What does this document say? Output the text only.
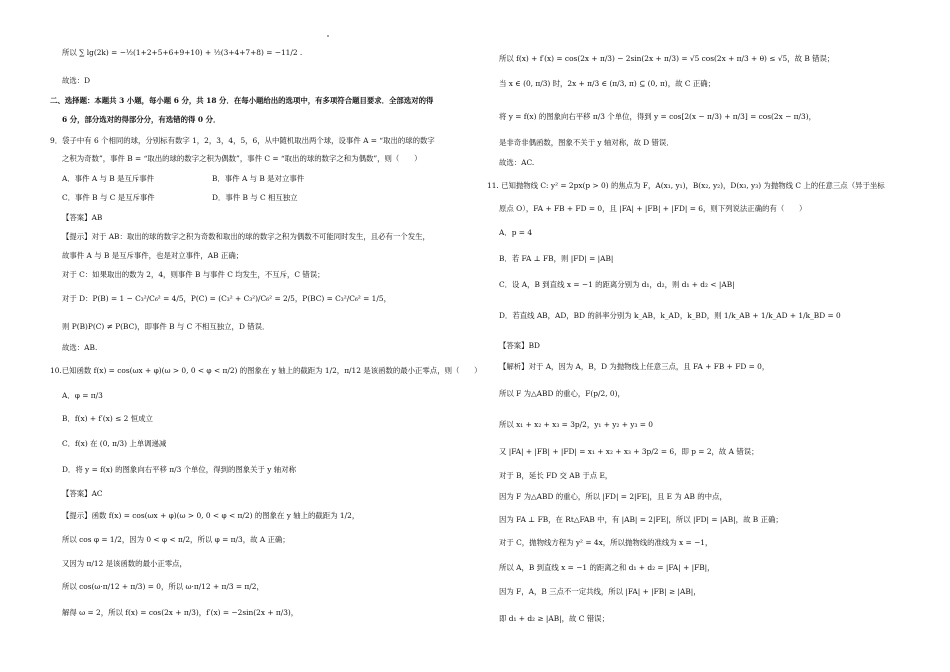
所以 ∑ lg(2k) = −½(1+2+5+6+9+10) + ½(3+4+7+8) = −11/2 .
故选：D
二、选择题：本题共 3 小题，每小题 6 分，共 18 分．在每小题给出的选项中，有多项符合题目要求．全部选对的得
6 分，部分选对的得部分分，有选错的得 0 分．
9．袋子中有 6 个相同的球，分别标有数字 1，2，3，4，5，6，从中随机取出两个球，设事件 A = “取出的球的数字
之积为奇数”，事件 B = “取出的球的数字之积为偶数”，事件 C = “取出的球的数字之和为偶数”，则（　　）
A．事件 A 与 B 是互斥事件	B．事件 A 与 B 是对立事件
C．事件 B 与 C 是互斥事件	D．事件 B 与 C 相互独立
【答案】AB
【提示】对于 AB：取出的球的数字之积为奇数和取出的球的数字之积为偶数不可能同时发生，且必有一个发生，
故事件 A 与 B 是互斥事件，也是对立事件，AB 正确；
对于 C：如果取出的数为 2，4，则事件 B 与事件 C 均发生，不互斥，C 错误；
对于 D：P(B) = 1 − C₃²/C₆² = 4/5，P(C) = (C₃² + C₃²)/C₆² = 2/5，P(BC) = C₃²/C₆² = 1/5，
则 P(B)P(C) ≠ P(BC)，即事件 B 与 C 不相互独立，D 错误．
故选：AB.
10.已知函数 f(x) = cos(ωx + φ)(ω > 0, 0 < φ < π/2) 的图象在 y 轴上的截距为 1/2，π/12 是该函数的最小正零点，则（　　）
A．φ = π/3
B．f(x) + f′(x) ≤ 2 恒成立
C．f(x) 在 (0, π/3) 上单调递减
D．将 y = f(x) 的图象向右平移 π/3 个单位，得到的图象关于 y 轴对称
【答案】AC
【提示】函数 f(x) = cos(ωx + φ)(ω > 0, 0 < φ < π/2) 的图象在 y 轴上的截距为 1/2，
所以 cos φ = 1/2，因为 0 < φ < π/2，所以 φ = π/3，故 A 正确；
又因为 π/12 是该函数的最小正零点，
所以 cos(ω·π/12 + π/3) = 0，所以 ω·π/12 + π/3 = π/2，
解得 ω = 2，所以 f(x) = cos(2x + π/3)，f′(x) = −2sin(2x + π/3)，
所以 f(x) + f′(x) = cos(2x + π/3) − 2sin(2x + π/3) = √5 cos(2x + π/3 + θ) ≤ √5，故 B 错误；
当 x ∈ (0, π/3) 时，2x + π/3 ∈ (π/3, π) ⊆ (0, π)，故 C 正确；
将 y = f(x) 的图象向右平移 π/3 个单位，得到 y = cos[2(x − π/3) + π/3] = cos(2x − π/3)，
是非奇非偶函数，图象不关于 y 轴对称，故 D 错误．
故选：AC.
11. 已知抛物线 C: y² = 2px(p > 0) 的焦点为 F，A(x₁, y₁)，B(x₂, y₂)，D(x₃, y₃) 为抛物线 C 上的任意三点（异于坐标
原点 O），FA + FB + FD = 0，且 |FA| + |FB| + |FD| = 6，则下列说法正确的有（　　）
A．p = 4
B．若 FA ⊥ FB，则 |FD| = |AB|
C．设 A，B 到直线 x = −1 的距离分别为 d₁，d₂，则 d₁ + d₂ < |AB|
D．若直线 AB，AD，BD 的斜率分别为 k_AB，k_AD，k_BD，则 1/k_AB + 1/k_AD + 1/k_BD = 0
【答案】BD
【解析】对于 A，因为 A，B，D 为抛物线上任意三点，且 FA + FB + FD = 0，
所以 F 为△ABD 的重心，F(p/2, 0)，
所以 x₁ + x₂ + x₃ = 3p/2，y₁ + y₂ + y₃ = 0
又 |FA| + |FB| + |FD| = x₁ + x₂ + x₃ + 3p/2 = 6，即 p = 2，故 A 错误；
对于 B，延长 FD 交 AB 于点 E，
因为 F 为△ABD 的重心，所以 |FD| = 2|FE|，且 E 为 AB 的中点，
因为 FA ⊥ FB，在 Rt△FAB 中，有 |AB| = 2|FE|，所以 |FD| = |AB|，故 B 正确；
对于 C，抛物线方程为 y² = 4x，所以抛物线的准线为 x = −1，
所以 A，B 到直线 x = −1 的距离之和 d₁ + d₂ = |FA| + |FB|，
因为 F，A，B 三点不一定共线，所以 |FA| + |FB| ≥ |AB|，
即 d₁ + d₂ ≥ |AB|，故 C 错误；
